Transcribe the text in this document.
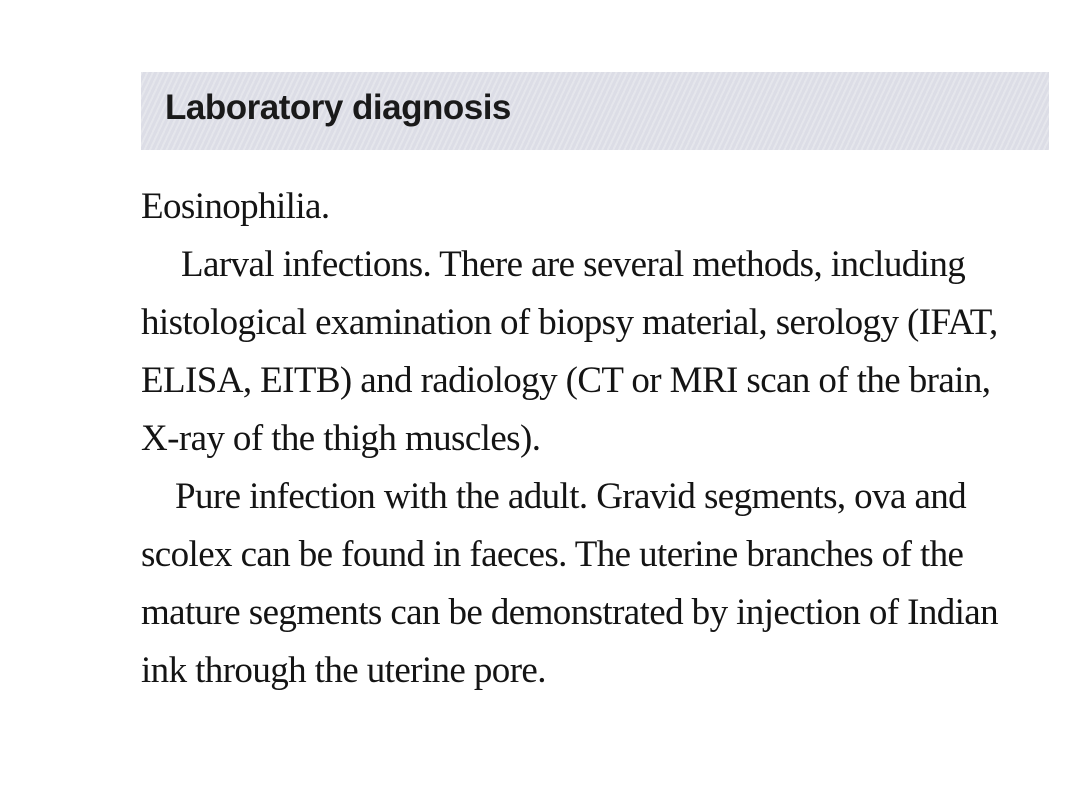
Laboratory diagnosis
Eosinophilia.
Larval infections. There are several methods, including
histological examination of biopsy material, serology (IFAT,
ELISA, EITB) and radiology (CT or MRI scan of the brain,
X-ray of the thigh muscles).
Pure infection with the adult. Gravid segments, ova and
scolex can be found in faeces. The uterine branches of the
mature segments can be demonstrated by injection of Indian
ink through the uterine pore.
